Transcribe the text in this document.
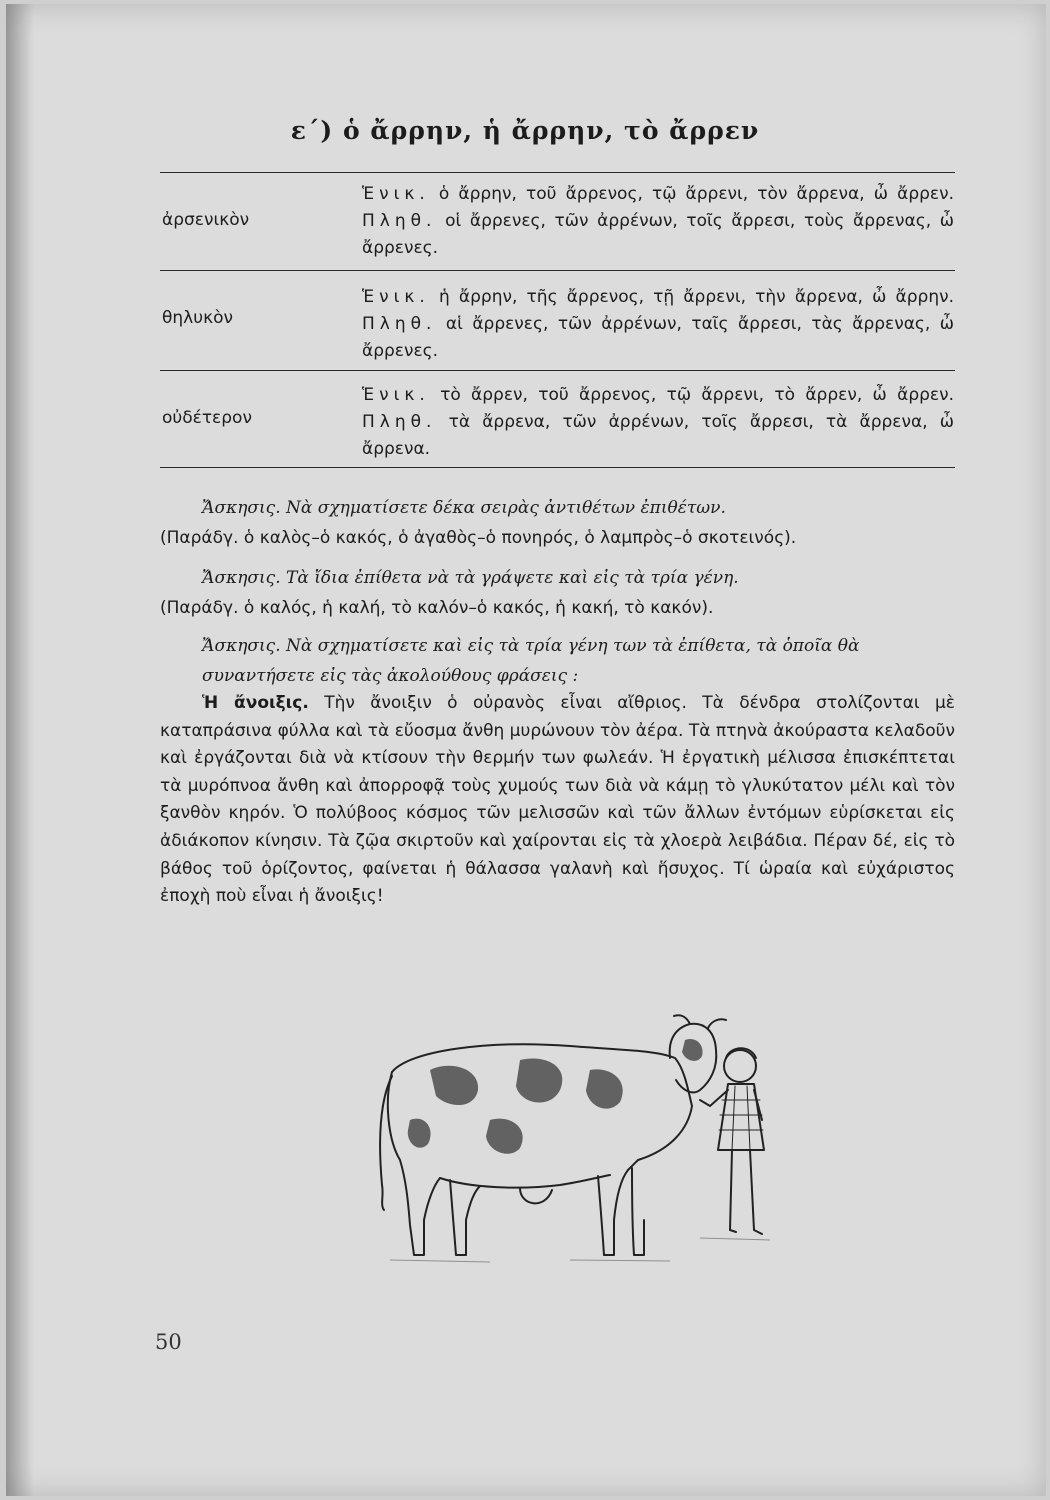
ε΄) ὁ ἄρρην, ἡ ἄρρην, τὸ ἄρρεν
ἀρσενικὸν
Ἑνικ. ὁ ἄρρην, τοῦ ἄρρενος, τῷ ἄρρενι, τὸν ἄρρενα, ὦ ἄρρεν. Πληθ. οἱ ἄρρενες, τῶν ἀρρένων, τοῖς ἄρρεσι, τοὺς ἄρρενας, ὦ ἄρρενες.
θηλυκὸν
Ἑνικ. ἡ ἄρρην, τῆς ἄρρενος, τῇ ἄρρενι, τὴν ἄρρενα, ὦ ἄρρην. Πληθ. αἱ ἄρρενες, τῶν ἀρρένων, ταῖς ἄρρεσι, τὰς ἄρρενας, ὦ ἄρρενες.
οὐδέτερον
Ἑνικ. τὸ ἄρρεν, τοῦ ἄρρενος, τῷ ἄρρενι, τὸ ἄρρεν, ὦ ἄρρεν. Πληθ. τὰ ἄρρενα, τῶν ἀρρένων, τοῖς ἄρρεσι, τὰ ἄρρενα, ὦ ἄρρενα.
Ἄσκησις. Νὰ σχηματίσετε δέκα σειρὰς ἀντιθέτων ἐπιθέτων.
(Παράδγ. ὁ καλὸς–ὁ κακός, ὁ ἀγαθὸς–ὁ πονηρός, ὁ λαμπρὸς–ὁ σκοτεινός).
Ἄσκησις. Τὰ ἴδια ἐπίθετα νὰ τὰ γράψετε καὶ εἰς τὰ τρία γένη.
(Παράδγ. ὁ καλός, ἡ καλή, τὸ καλόν–ὁ κακός, ἡ κακή, τὸ κακόν).
Ἄσκησις. Νὰ σχηματίσετε καὶ εἰς τὰ τρία γένη των τὰ ἐπίθετα, τὰ ὁποῖα θὰ συναντήσετε εἰς τὰς ἀκολούθους φράσεις :
Ἡ ἄνοιξις. Τὴν ἄνοιξιν ὁ οὐρανὸς εἶναι αἴθριος. Τὰ δένδρα στολίζονται μὲ καταπράσινα φύλλα καὶ τὰ εὔοσμα ἄνθη μυρώνουν τὸν ἀέρα. Τὰ πτηνὰ ἀκούραστα κελαδοῦν καὶ ἐργάζονται διὰ νὰ κτίσουν τὴν θερμήν των φωλεάν. Ἡ ἐργατικὴ μέλισσα ἐπισκέπτεται τὰ μυρόπνοα ἄνθη καὶ ἀπορροφᾷ τοὺς χυμούς των διὰ νὰ κάμῃ τὸ γλυκύτατον μέλι καὶ τὸν ξανθὸν κηρόν. Ὁ πολύβοος κόσμος τῶν μελισσῶν καὶ τῶν ἄλλων ἐντόμων εὑρίσκεται εἰς ἀδιάκοπον κίνησιν. Τὰ ζῷα σκιρτοῦν καὶ χαίρονται εἰς τὰ χλοερὰ λειβάδια. Πέραν δέ, εἰς τὸ βάθος τοῦ ὁρίζοντος, φαίνεται ἡ θάλασσα γαλανὴ καὶ ἥσυχος. Τί ὡραία καὶ εὐχάριστος ἐποχὴ ποὺ εἶναι ἡ ἄνοιξις!
50
